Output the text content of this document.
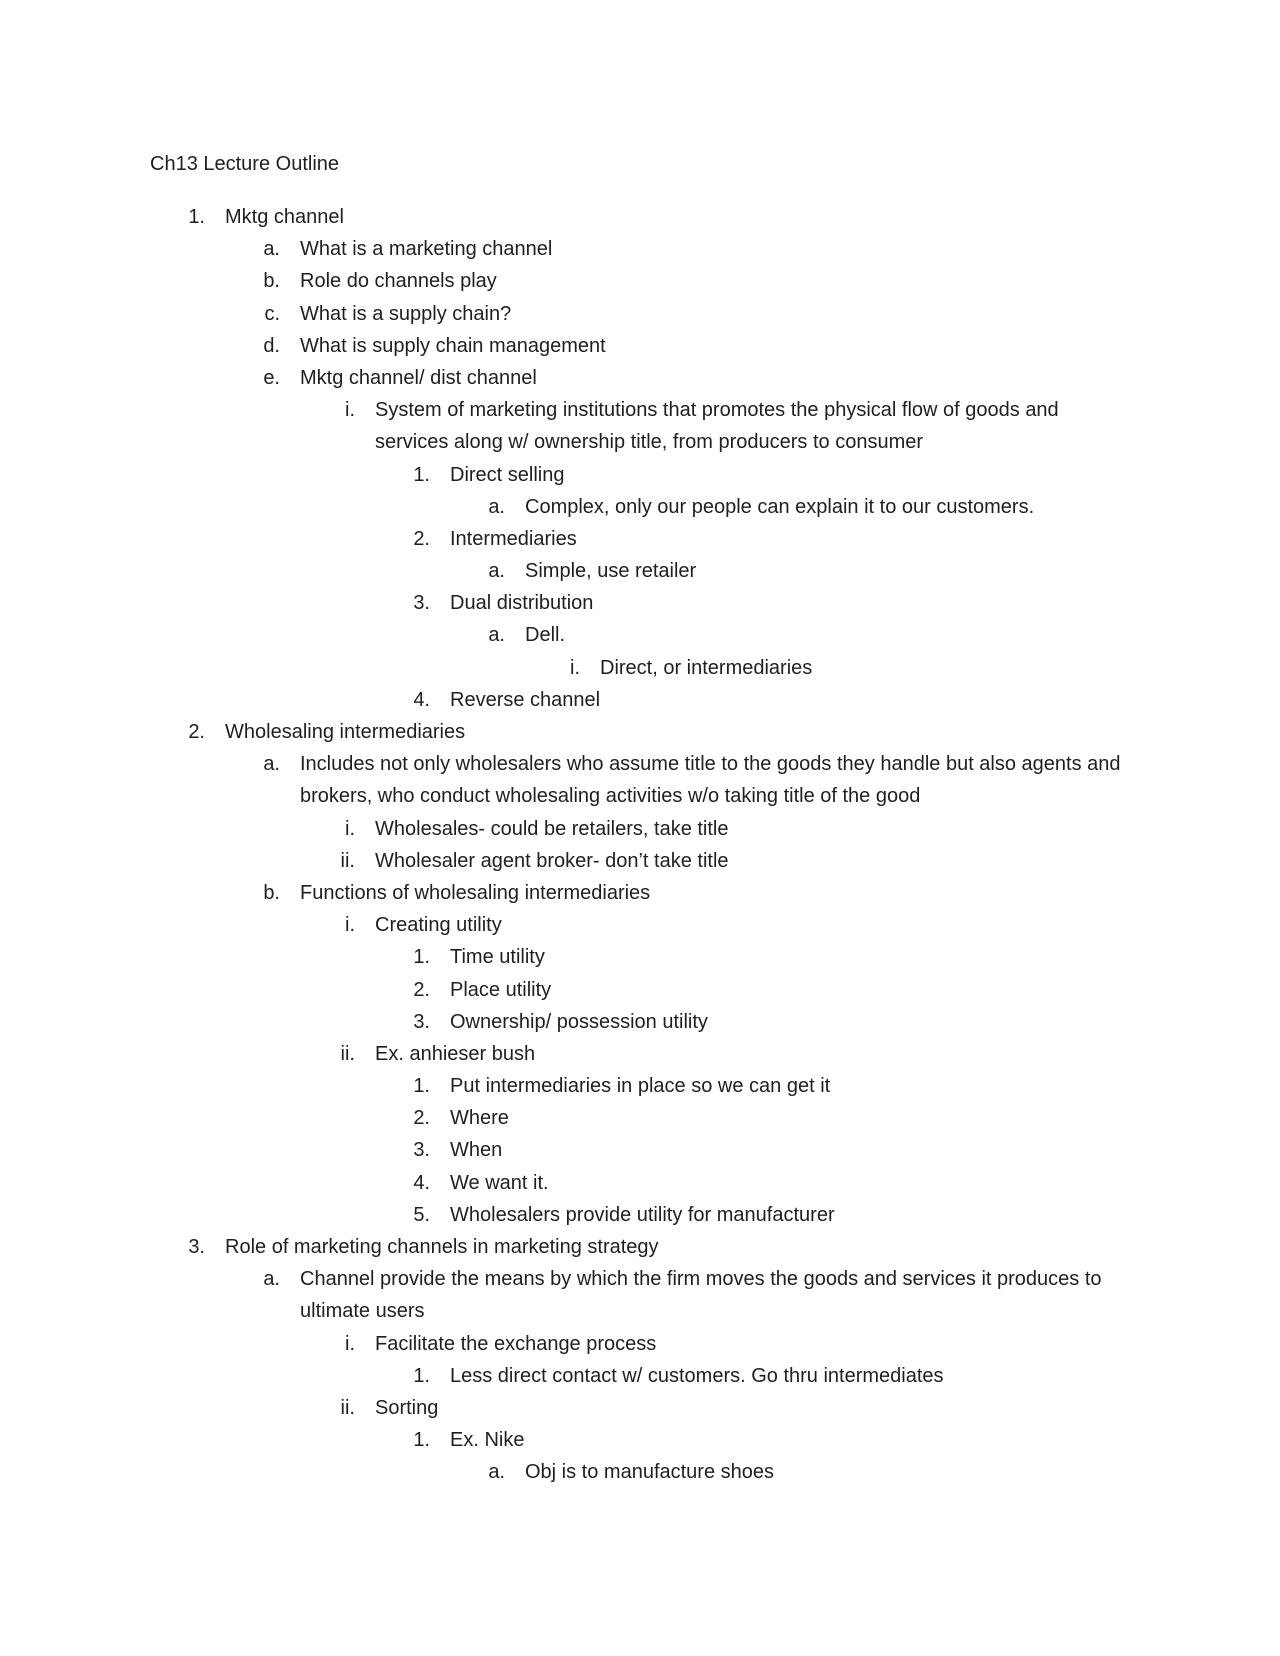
Ch13 Lecture Outline
1. Mktg channel
a. What is a marketing channel
b. Role do channels play
c. What is a supply chain?
d. What is supply chain management
e. Mktg channel/ dist channel
i. System of marketing institutions that promotes the physical flow of goods and services along w/ ownership title, from producers to consumer
1. Direct selling
a. Complex, only our people can explain it to our customers.
2. Intermediaries
a. Simple, use retailer
3. Dual distribution
a. Dell.
i. Direct, or intermediaries
4. Reverse channel
2. Wholesaling intermediaries
a. Includes not only wholesalers who assume title to the goods they handle but also agents and brokers, who conduct wholesaling activities w/o taking title of the good
i. Wholesales- could be retailers, take title
ii. Wholesaler agent broker- don’t take title
b. Functions of wholesaling intermediaries
i. Creating utility
1. Time utility
2. Place utility
3. Ownership/ possession utility
ii. Ex. anhieser bush
1. Put intermediaries in place so we can get it
2. Where
3. When
4. We want it.
5. Wholesalers provide utility for manufacturer
3. Role of marketing channels in marketing strategy
a. Channel provide the means by which the firm moves the goods and services it produces to ultimate users
i. Facilitate the exchange process
1. Less direct contact w/ customers. Go thru intermediates
ii. Sorting
1. Ex. Nike
a. Obj is to manufacture shoes
